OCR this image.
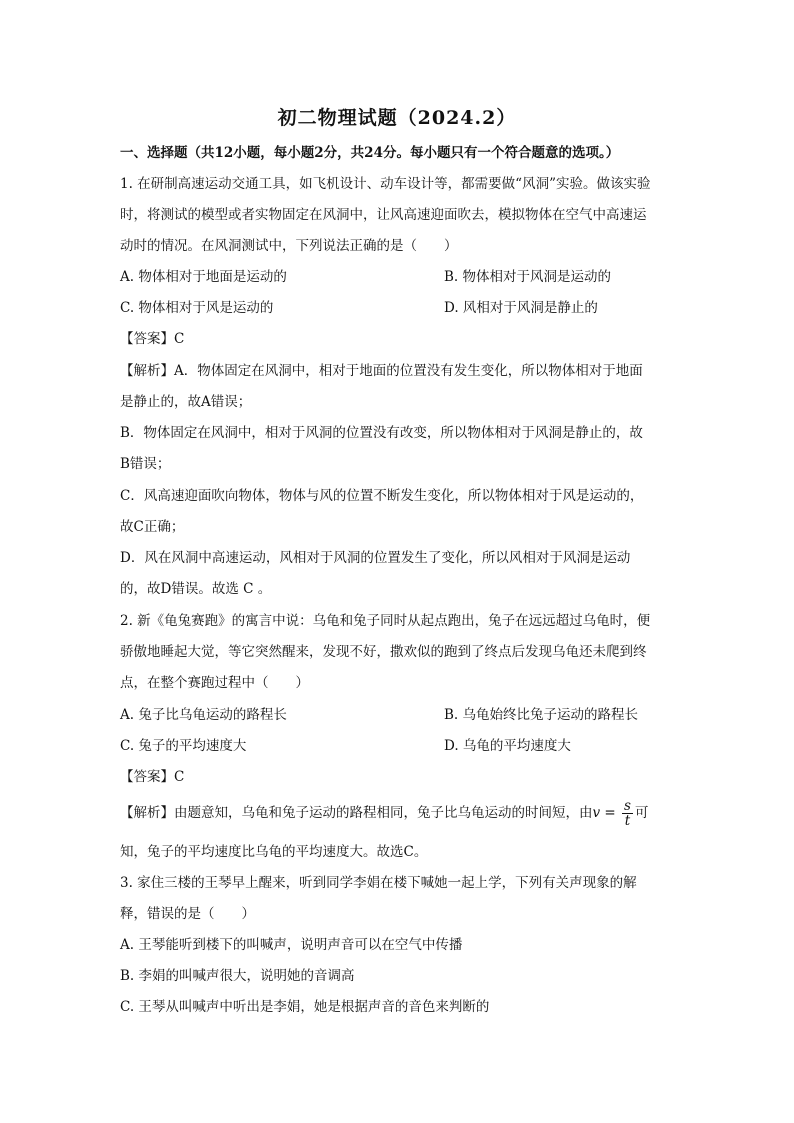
初二物理试题（2024.2）
一、选择题（共12小题，每小题2分，共24分。每小题只有一个符合题意的选项。）
1. 在研制高速运动交通工具，如飞机设计、动车设计等，都需要做“风洞”实验。做该实验
时，将测试的模型或者实物固定在风洞中，让风高速迎面吹去，模拟物体在空气中高速运
动时的情况。在风洞测试中，下列说法正确的是（　　）
A. 物体相对于地面是运动的	B. 物体相对于风洞是运动的
C. 物体相对于风是运动的	D. 风相对于风洞是静止的
【答案】C
【解析】A．物体固定在风洞中，相对于地面的位置没有发生变化，所以物体相对于地面
是静止的，故A错误；
B．物体固定在风洞中，相对于风洞的位置没有改变，所以物体相对于风洞是静止的，故
B错误；
C．风高速迎面吹向物体，物体与风的位置不断发生变化，所以物体相对于风是运动的，
故C正确；
D．风在风洞中高速运动，风相对于风洞的位置发生了变化，所以风相对于风洞是运动
的，故D错误。故选 C 。
2. 新《龟兔赛跑》的寓言中说：乌龟和兔子同时从起点跑出，兔子在远远超过乌龟时，便
骄傲地睡起大觉，等它突然醒来，发现不好，撒欢似的跑到了终点后发现乌龟还未爬到终
点，在整个赛跑过程中（　　）
A. 兔子比乌龟运动的路程长	B. 乌龟始终比兔子运动的路程长
C. 兔子的平均速度大	D. 乌龟的平均速度大
【答案】C
【解析】由题意知，乌龟和兔子运动的路程相同，兔子比乌龟运动的时间短，由$v = \frac{s}{t}$ 可
知，兔子的平均速度比乌龟的平均速度大。故选C。
3. 家住三楼的王琴早上醒来，听到同学李娟在楼下喊她一起上学，下列有关声现象的解
释，错误的是（　　）
A. 王琴能听到楼下的叫喊声，说明声音可以在空气中传播
B. 李娟的叫喊声很大，说明她的音调高
C. 王琴从叫喊声中听出是李娟，她是根据声音的音色来判断的
